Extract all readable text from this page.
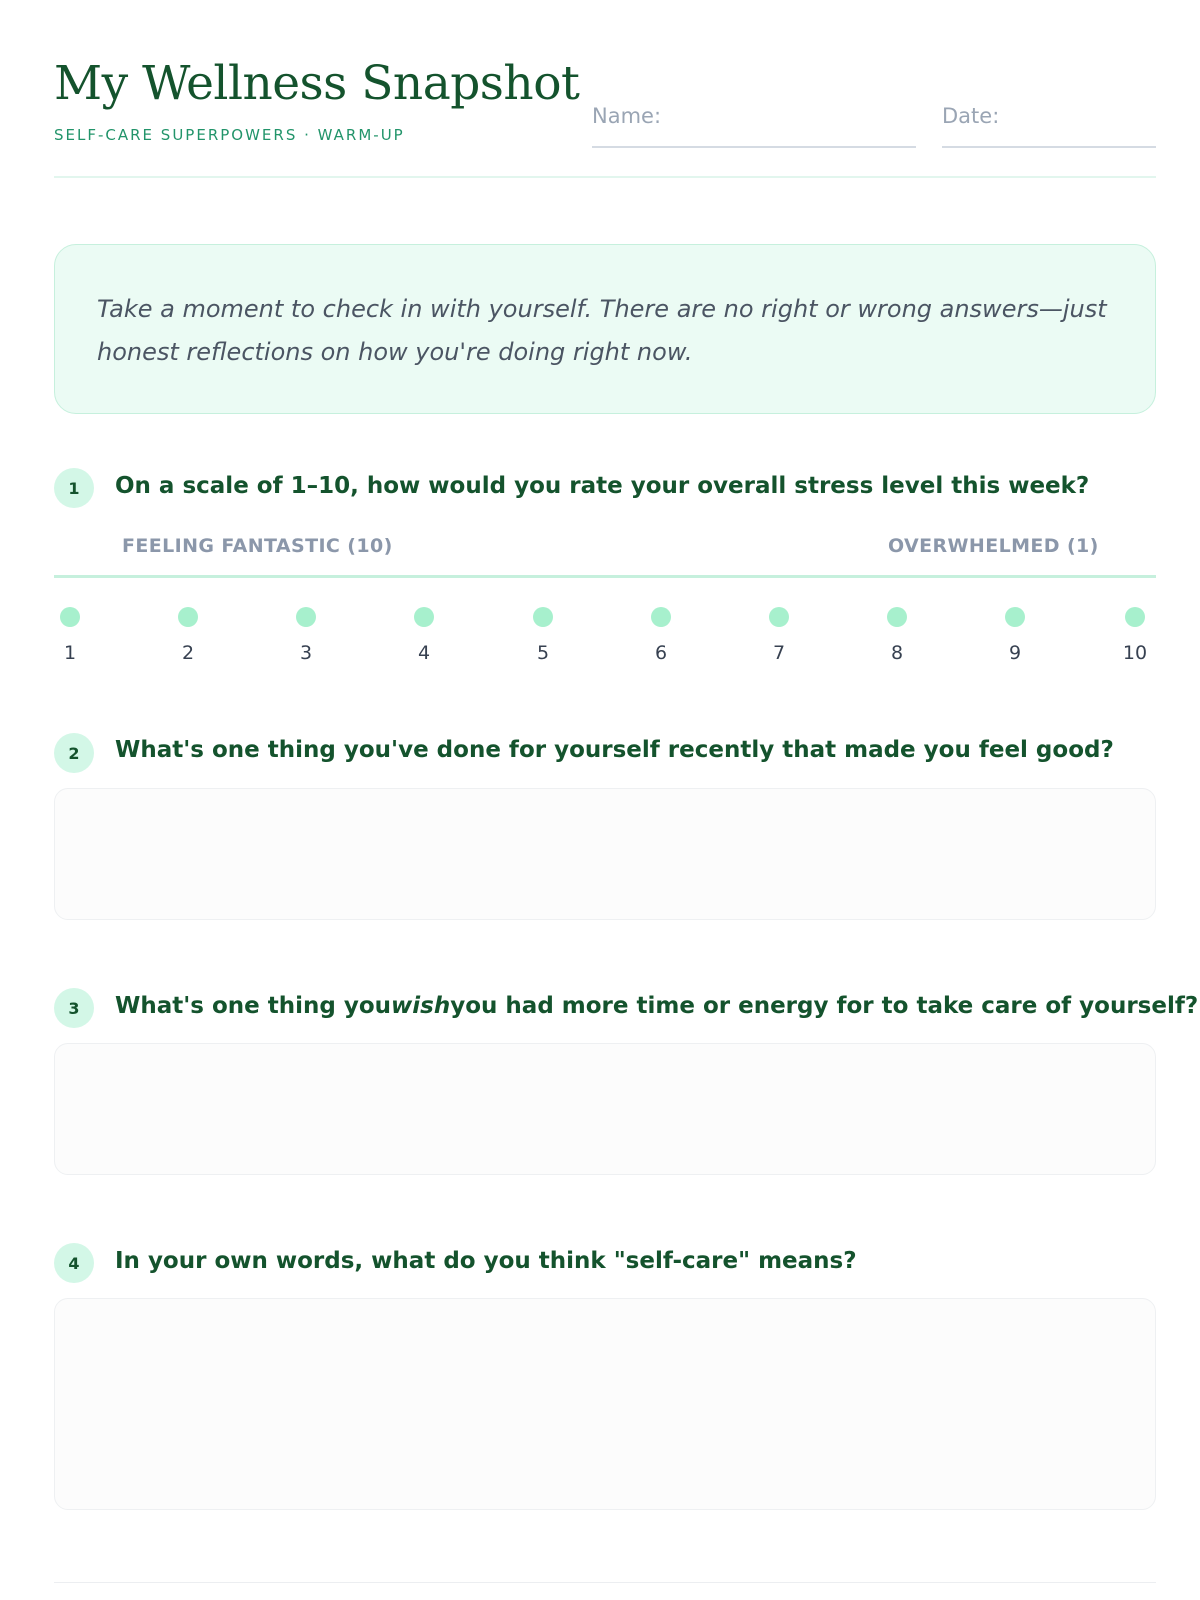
My Wellness Snapshot
SELF-CARE SUPERPOWERS · WARM-UP
Name:	Date:
Take a moment to check in with yourself. There are no right or wrong answers—just honest reflections on how you're doing right now.
1	On a scale of 1–10, how would you rate your overall stress level this week?
FEELING FANTASTIC (10)	OVERWHELMED (1)
1	2	3	4	5	6	7	8	9	10
2	What's one thing you've done for yourself recently that made you feel good?
3	What's one thing youwishyou had more time or energy for to take care of yourself?
4	In your own words, what do you think "self-care" means?
